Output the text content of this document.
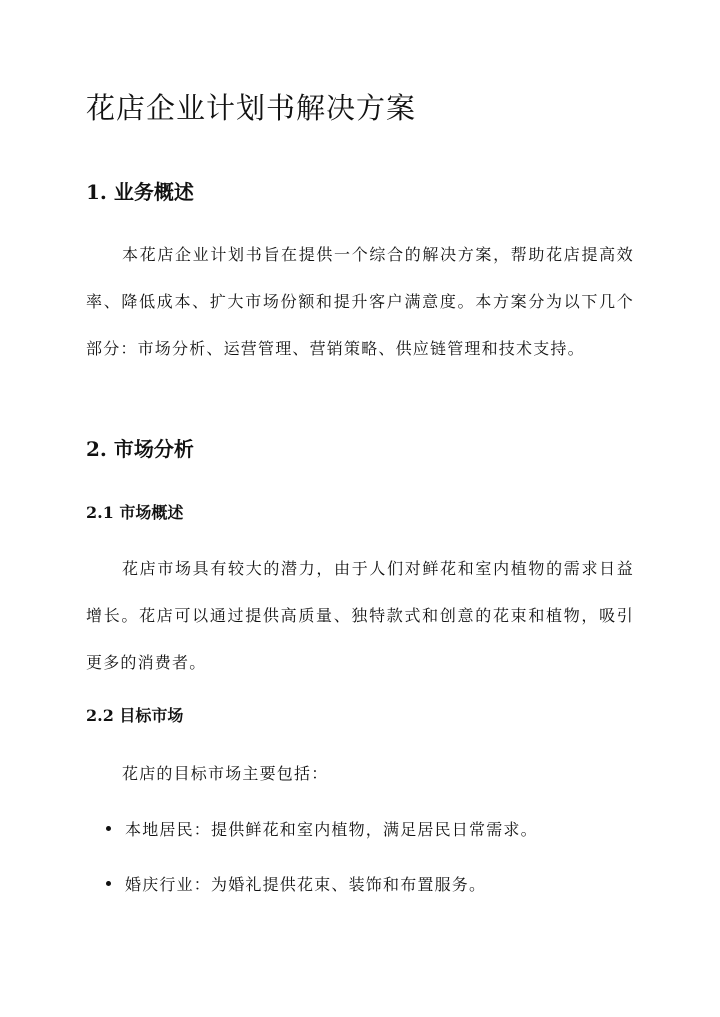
花店企业计划书解决方案
1. 业务概述

本花店企业计划书旨在提供一个综合的解决方案，帮助花店提高效率、降低成本、扩大市场份额和提升客户满意度。本方案分为以下几个部分：市场分析、运营管理、营销策略、供应链管理和技术支持。

2. 市场分析
2.1 市场概述

花店市场具有较大的潜力，由于人们对鲜花和室内植物的需求日益增长。花店可以通过提供高质量、独特款式和创意的花束和植物，吸引更多的消费者。

2.2 目标市场

花店的目标市场主要包括：

本地居民：提供鲜花和室内植物，满足居民日常需求。
婚庆行业：为婚礼提供花束、装饰和布置服务。
